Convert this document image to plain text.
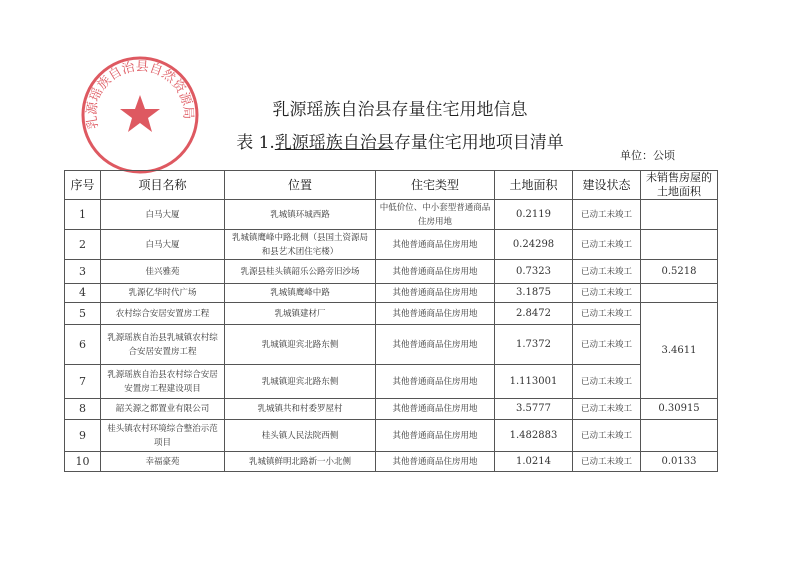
乳源瑶族自治县自然资源局	乳源瑶族自治县存量住宅用地信息
表 1.乳源瑶族自治县存量住宅用地项目清单
单位：公顷
序号	项目名称	位置	住宅类型	土地面积	建设状态	未销售房屋的土地面积
1	白马大厦	乳城镇环城西路	中低价位、中小套型普通商品住房用地	0.2119	已动工未竣工	
2	白马大厦	乳城镇鹰峰中路北侧（县国土资源局和县艺术团住宅楼）	其他普通商品住房用地	0.24298	已动工未竣工	
3	佳兴雅苑	乳源县桂头镇韶乐公路旁旧沙场	其他普通商品住房用地	0.7323	已动工未竣工	0.5218
4	乳源亿华时代广场	乳城镇鹰峰中路	其他普通商品住房用地	3.1875	已动工未竣工	
5	农村综合安居安置房工程	乳城镇建材厂	其他普通商品住房用地	2.8472	已动工未竣工	3.4611
6	乳源瑶族自治县乳城镇农村综合安居安置房工程	乳城镇迎宾北路东侧	其他普通商品住房用地	1.7372	已动工未竣工	
7	乳源瑶族自治县农村综合安居安置房工程建设项目	乳城镇迎宾北路东侧	其他普通商品住房用地	1.113001	已动工未竣工	
8	韶关源之都置业有限公司	乳城镇共和村委罗屋村	其他普通商品住房用地	3.5777	已动工未竣工	0.30915
9	桂头镇农村环境综合整治示范项目	桂头镇人民法院西侧	其他普通商品住房用地	1.482883	已动工未竣工	
10	幸福豪苑	乳城镇鲜明北路新一小北侧	其他普通商品住房用地	1.0214	已动工未竣工	0.0133
